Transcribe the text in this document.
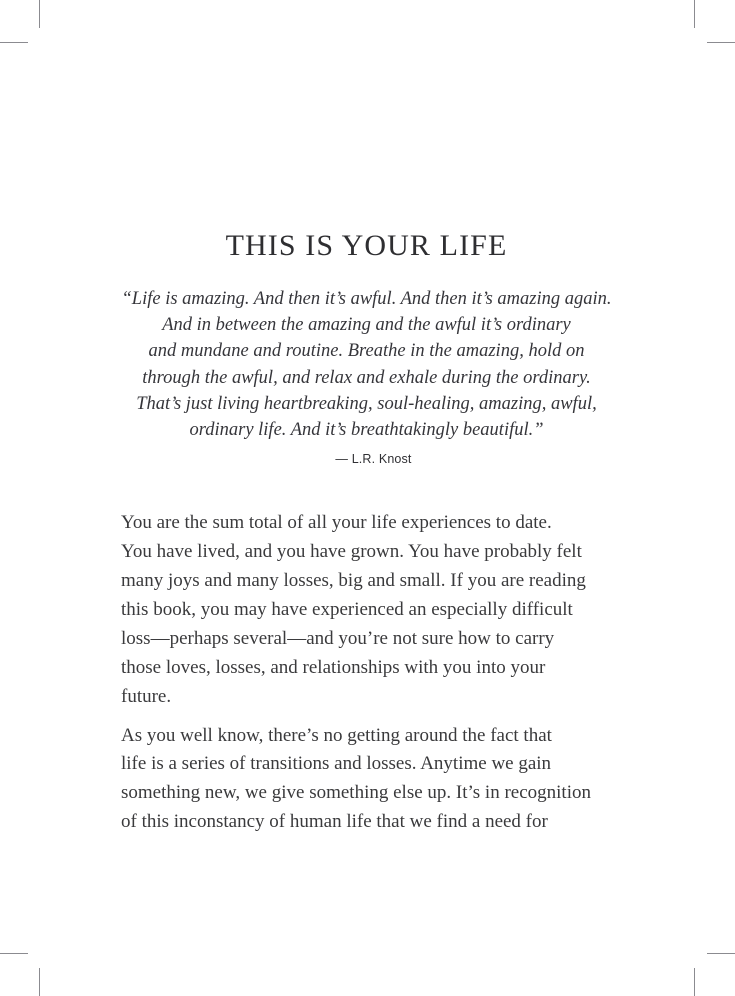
THIS IS YOUR LIFE
“Life is amazing. And then it’s awful. And then it’s amazing again.
And in between the amazing and the awful it’s ordinary
and mundane and routine. Breathe in the amazing, hold on
through the awful, and relax and exhale during the ordinary.
That’s just living heartbreaking, soul-healing, amazing, awful,
ordinary life. And it’s breathtakingly beautiful.”

— L.R. Knost

You are the sum total of all your life experiences to date.
You have lived, and you have grown. You have probably felt
many joys and many losses, big and small. If you are reading
this book, you may have experienced an especially difficult
loss—perhaps several—and you’re not sure how to carry
those loves, losses, and relationships with you into your
future.

As you well know, there’s no getting around the fact that
life is a series of transitions and losses. Anytime we gain
something new, we give something else up. It’s in recognition
of this inconstancy of human life that we find a need for
